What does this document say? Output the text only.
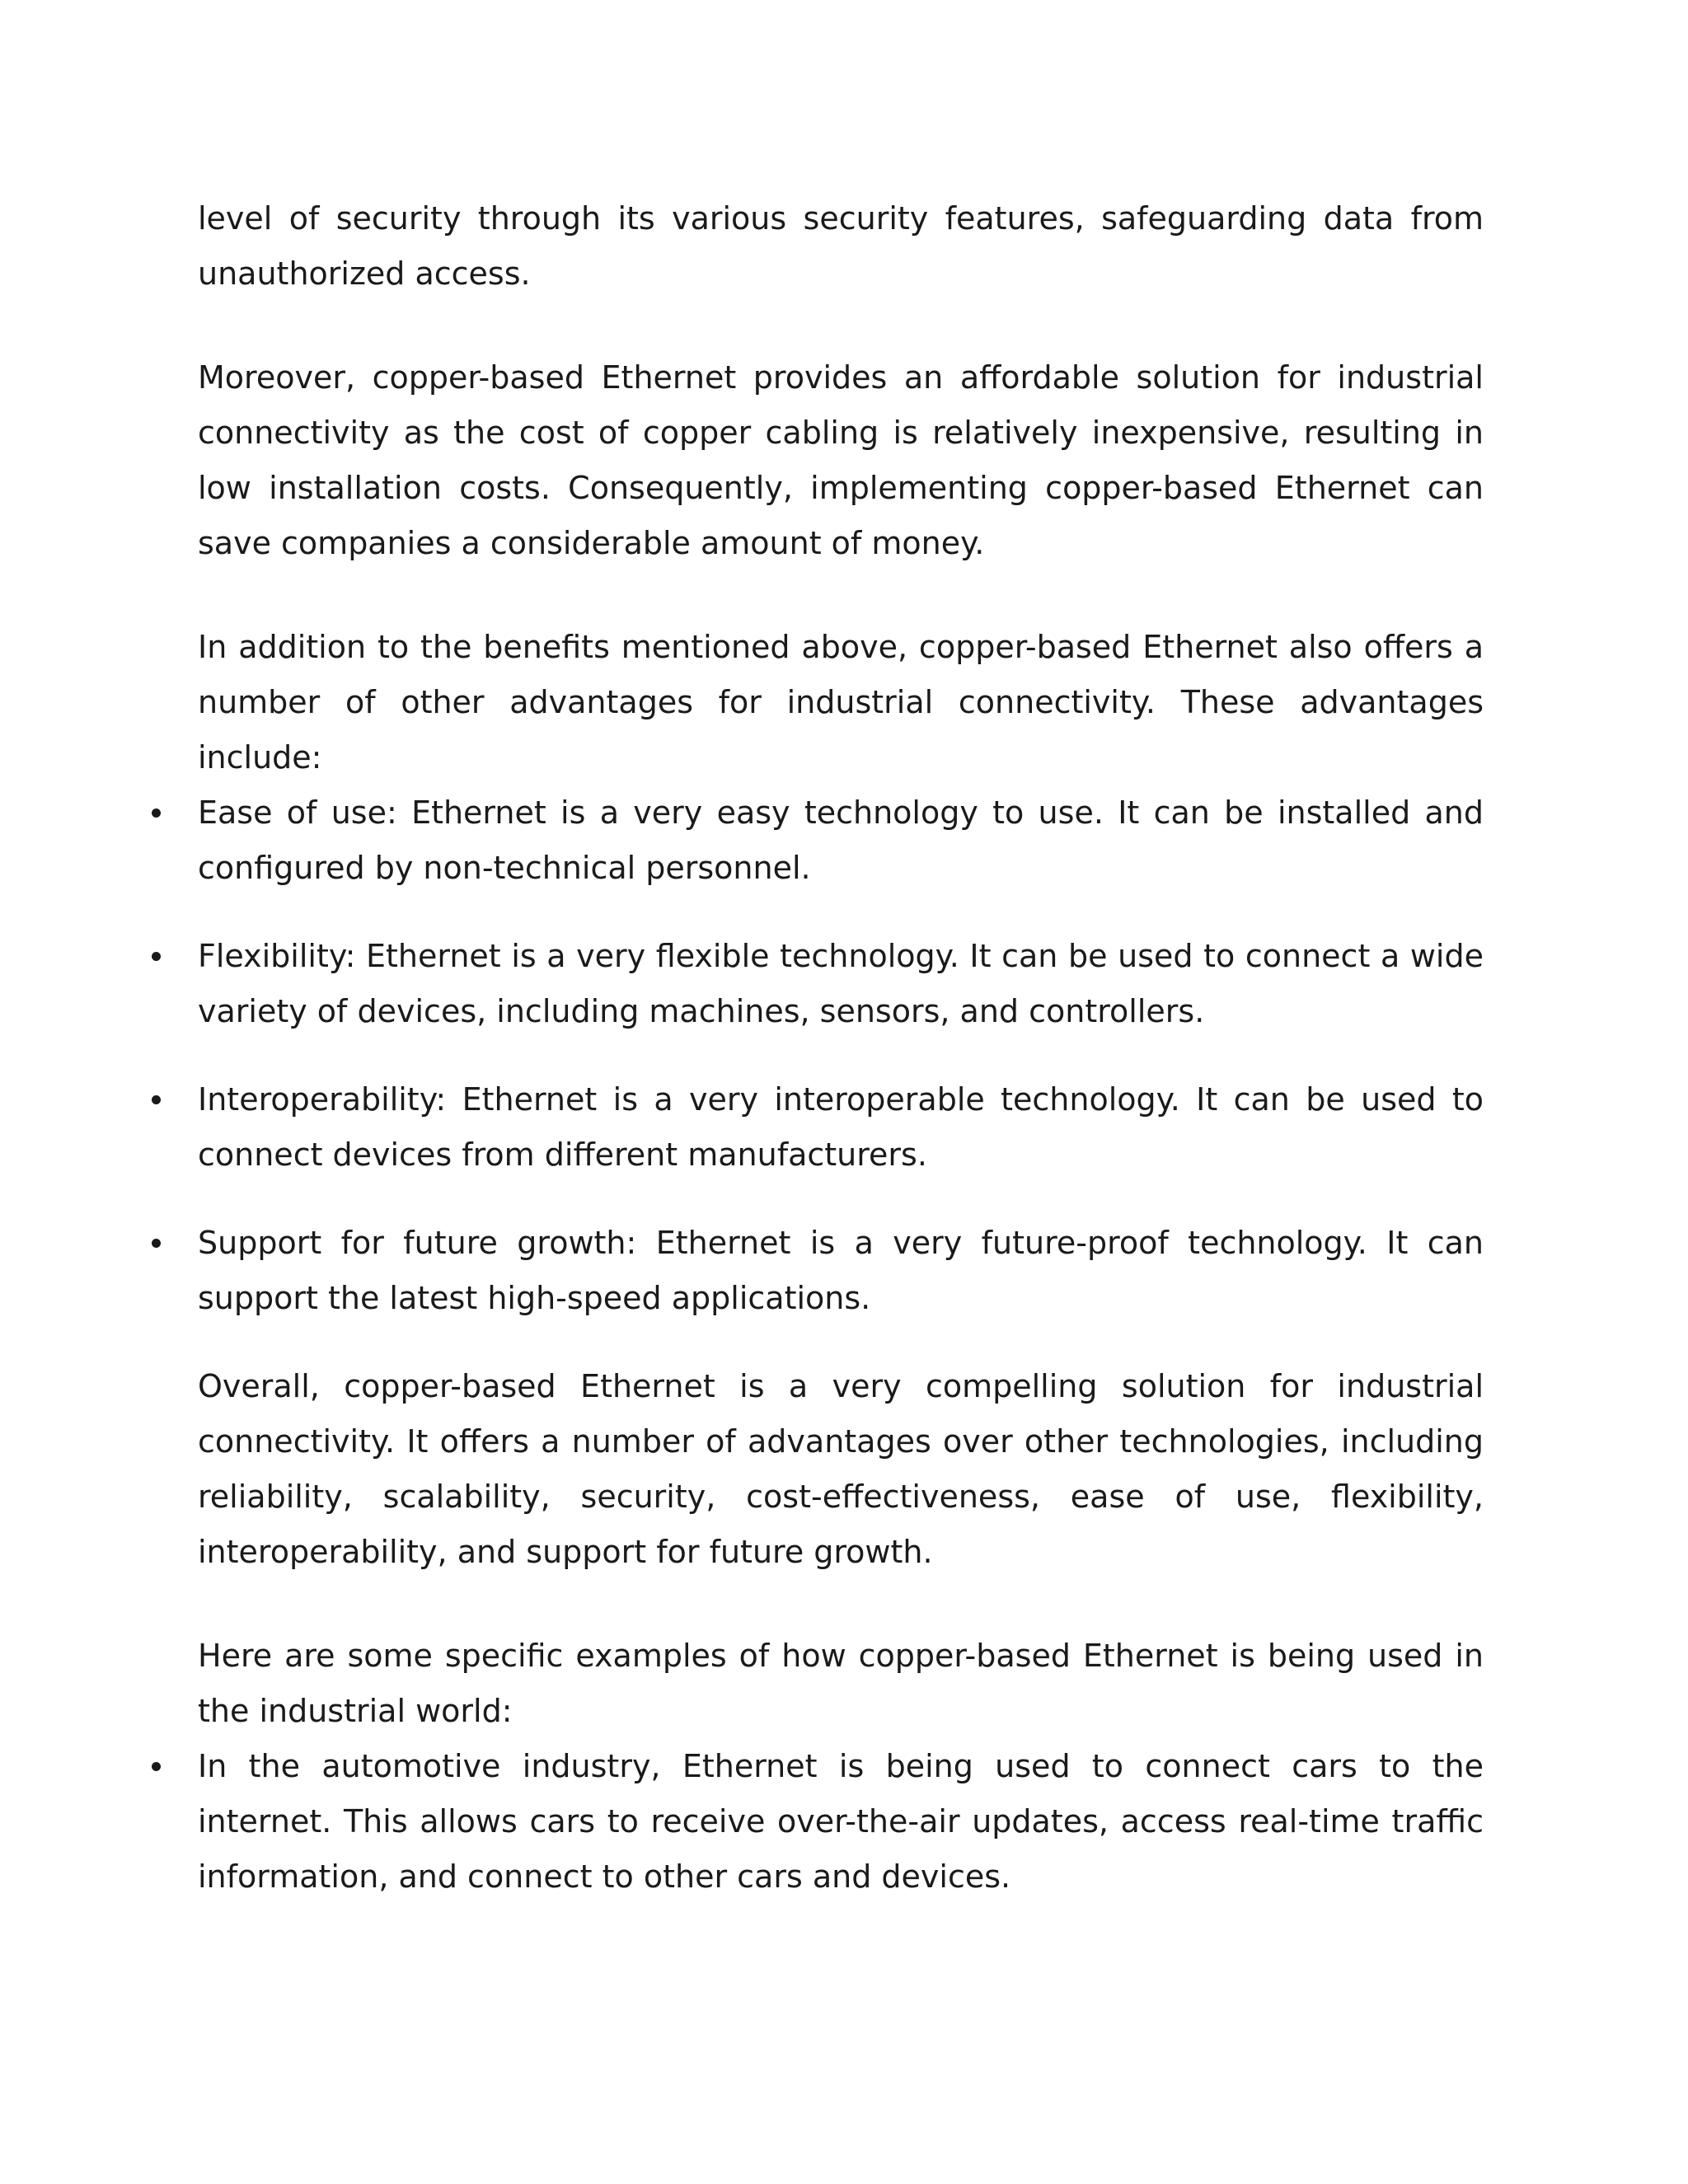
level of security through its various security features, safeguarding data from unauthorized access.

Moreover, copper-based Ethernet provides an affordable solution for industrial connectivity as the cost of copper cabling is relatively inexpensive, resulting in low installation costs. Consequently, implementing copper-based Ethernet can save companies a considerable amount of money.

In addition to the benefits mentioned above, copper-based Ethernet also offers a number of other advantages for industrial connectivity. These advantages include:

Ease of use: Ethernet is a very easy technology to use. It can be installed and configured by non-technical personnel.
Flexibility: Ethernet is a very flexible technology. It can be used to connect a wide variety of devices, including machines, sensors, and controllers.
Interoperability: Ethernet is a very interoperable technology. It can be used to connect devices from different manufacturers.
Support for future growth: Ethernet is a very future-proof technology. It can support the latest high-speed applications.

Overall, copper-based Ethernet is a very compelling solution for industrial connectivity. It offers a number of advantages over other technologies, including reliability, scalability, security, cost-effectiveness, ease of use, flexibility, interoperability, and support for future growth.

Here are some specific examples of how copper-based Ethernet is being used in the industrial world:

In the automotive industry, Ethernet is being used to connect cars to the internet. This allows cars to receive over-the-air updates, access real-time traffic information, and connect to other cars and devices.
